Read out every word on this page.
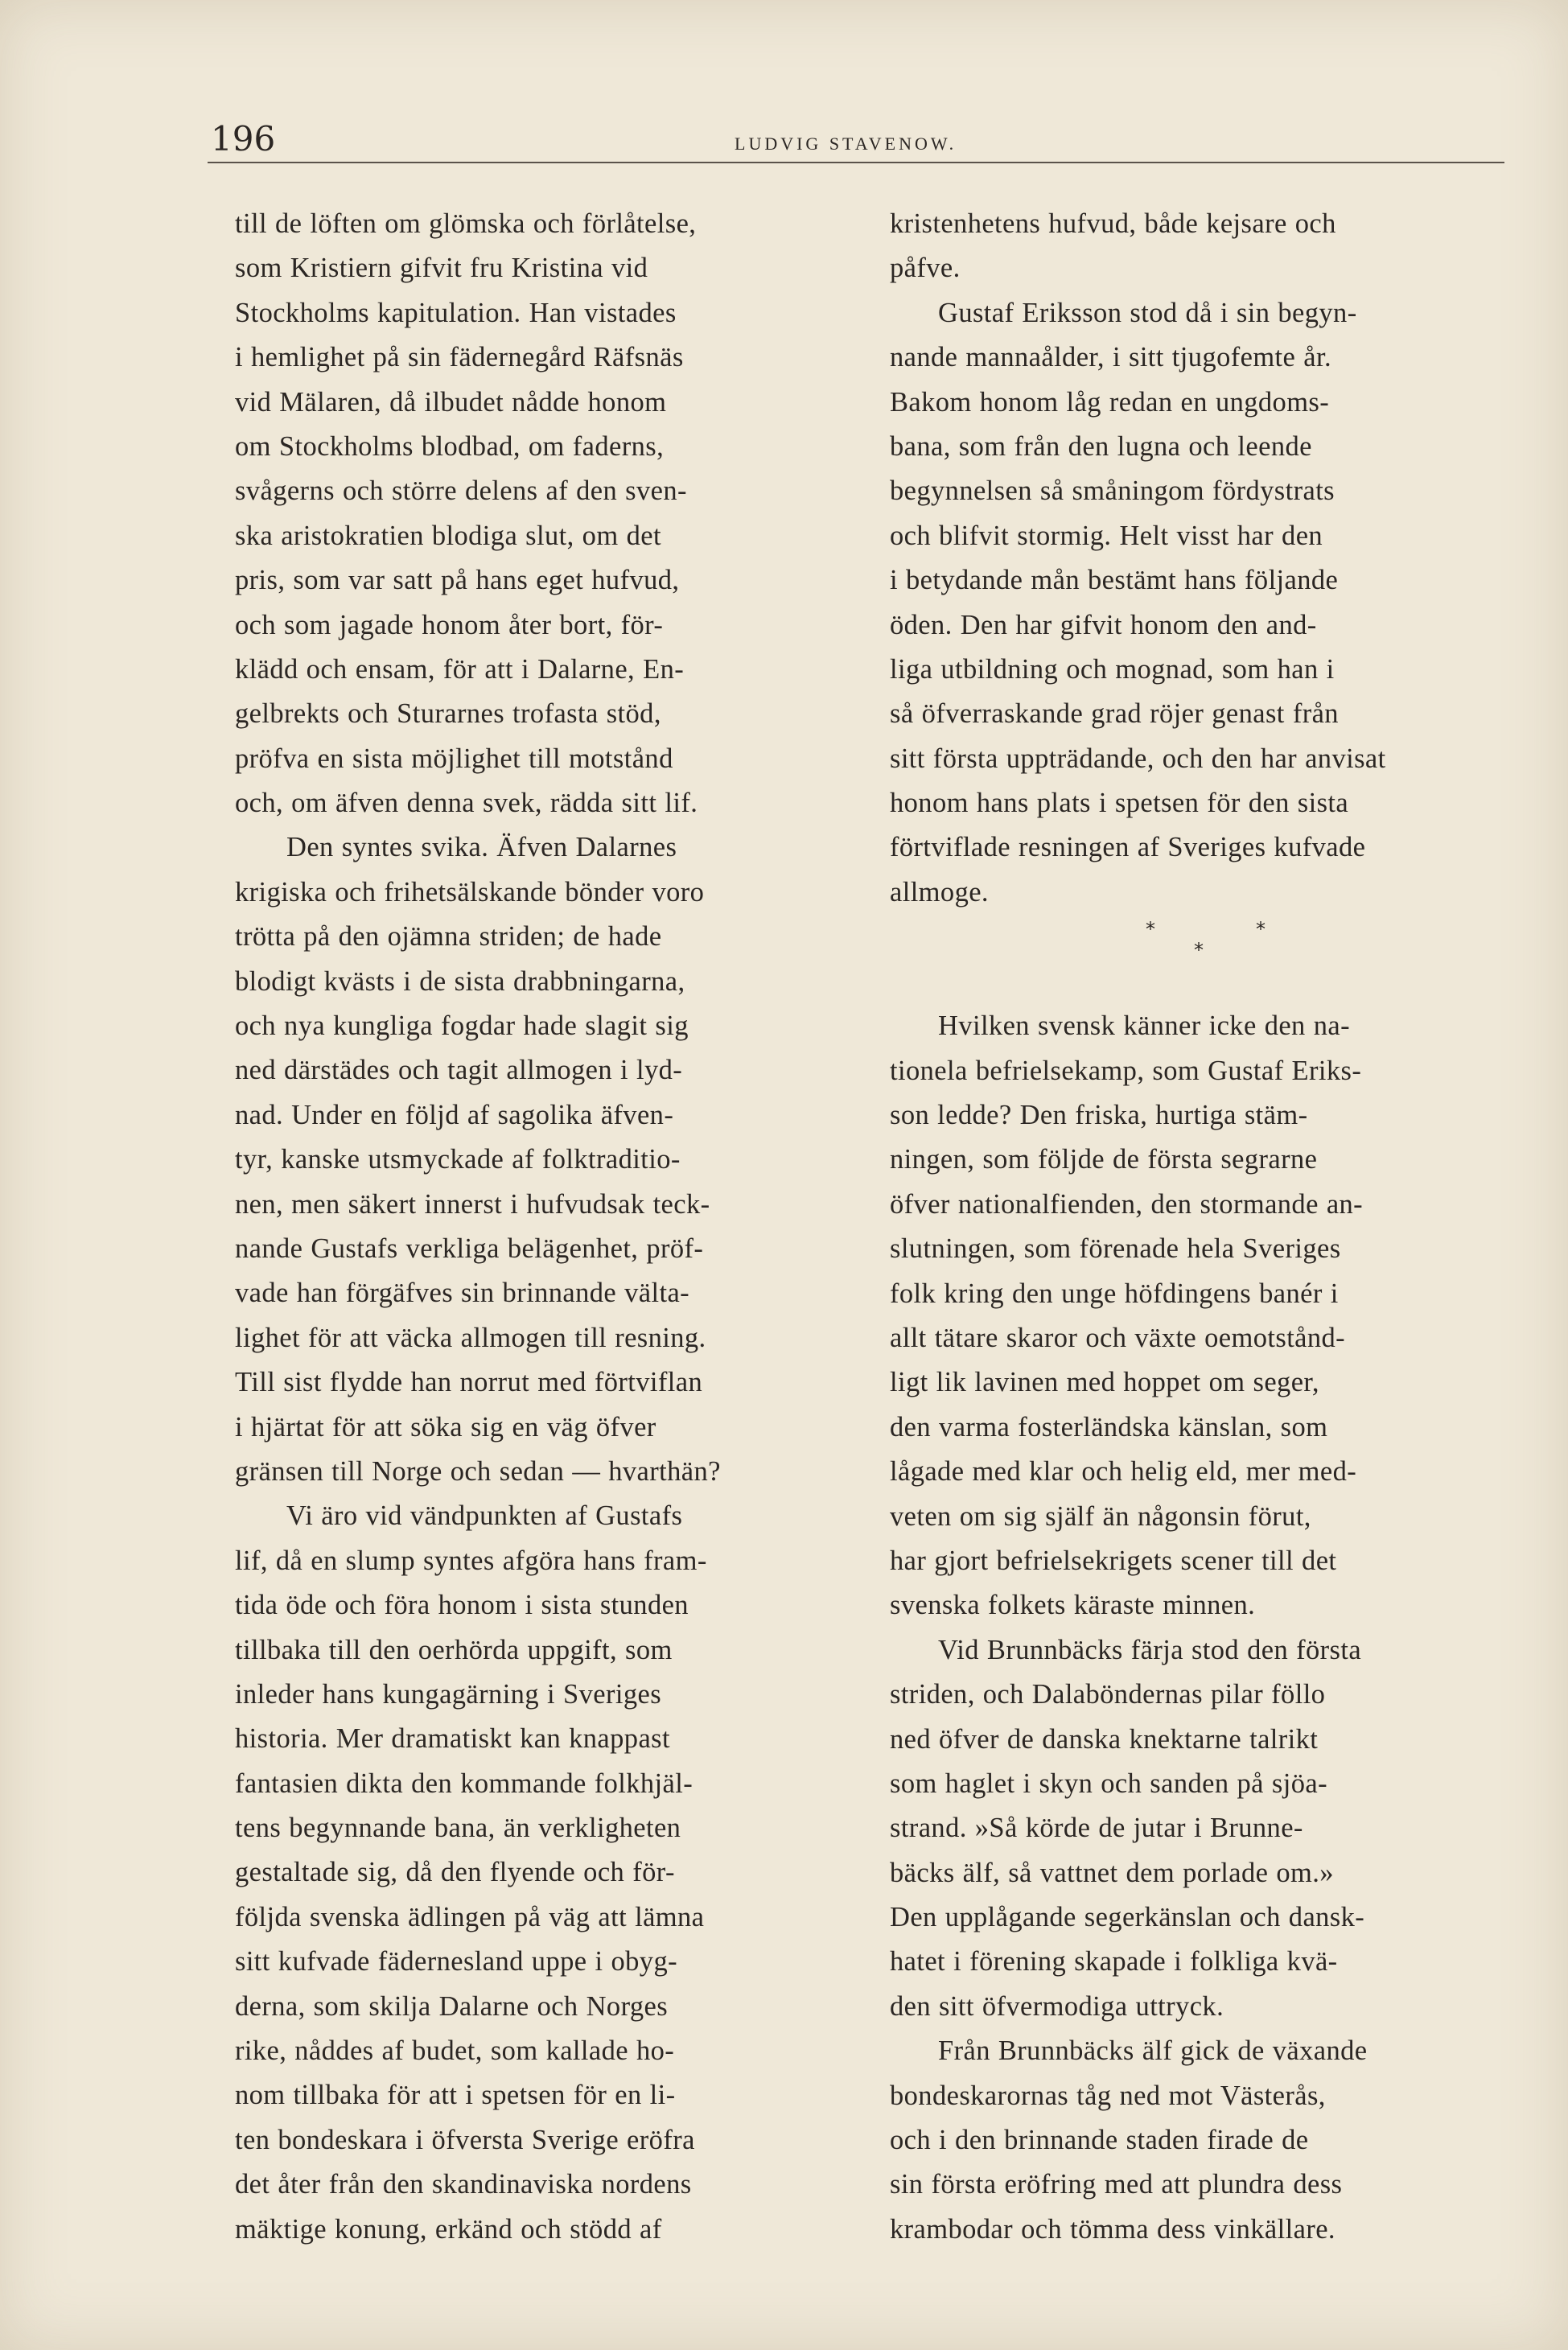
196	LUDVIG STAVENOW.
till de löften om glömska och förlåtelse,
som Kristiern gifvit fru Kristina vid
Stockholms kapitulation. Han vistades
i hemlighet på sin fädernegård Räfsnäs
vid Mälaren, då ilbudet nådde honom
om Stockholms blodbad, om faderns,
svågerns och större delens af den sven-
ska aristokratien blodiga slut, om det
pris, som var satt på hans eget hufvud,
och som jagade honom åter bort, för-
klädd och ensam, för att i Dalarne, En-
gelbrekts och Sturarnes trofasta stöd,
pröfva en sista möjlighet till motstånd
och, om äfven denna svek, rädda sitt lif.
Den syntes svika. Äfven Dalarnes
krigiska och frihetsälskande bönder voro
trötta på den ojämna striden; de hade
blodigt kvästs i de sista drabbningarna,
och nya kungliga fogdar hade slagit sig
ned därstädes och tagit allmogen i lyd-
nad. Under en följd af sagolika äfven-
tyr, kanske utsmyckade af folktraditio-
nen, men säkert innerst i hufvudsak teck-
nande Gustafs verkliga belägenhet, pröf-
vade han förgäfves sin brinnande välta-
lighet för att väcka allmogen till resning.
Till sist flydde han norrut med förtviflan
i hjärtat för att söka sig en väg öfver
gränsen till Norge och sedan — hvarthän?
Vi äro vid vändpunkten af Gustafs
lif, då en slump syntes afgöra hans fram-
tida öde och föra honom i sista stunden
tillbaka till den oerhörda uppgift, som
inleder hans kungagärning i Sveriges
historia. Mer dramatiskt kan knappast
fantasien dikta den kommande folkhjäl-
tens begynnande bana, än verkligheten
gestaltade sig, då den flyende och för-
följda svenska ädlingen på väg att lämna
sitt kufvade fädernesland uppe i obyg-
derna, som skilja Dalarne och Norges
rike, nåddes af budet, som kallade ho-
nom tillbaka för att i spetsen för en li-
ten bondeskara i öfversta Sverige eröfra
det åter från den skandinaviska nordens
mäktige konung, erkänd och stödd af
kristenhetens hufvud, både kejsare och
påfve.
Gustaf Eriksson stod då i sin begyn-
nande mannaålder, i sitt tjugofemte år.
Bakom honom låg redan en ungdoms-
bana, som från den lugna och leende
begynnelsen så småningom fördystrats
och blifvit stormig. Helt visst har den
i betydande mån bestämt hans följande
öden. Den har gifvit honom den and-
liga utbildning och mognad, som han i
så öfverraskande grad röjer genast från
sitt första uppträdande, och den har anvisat
honom hans plats i spetsen för den sista
förtviflade resningen af Sveriges kufvade
allmoge.
*
*
*
Hvilken svensk känner icke den na-
tionela befrielsekamp, som Gustaf Eriks-
son ledde? Den friska, hurtiga stäm-
ningen, som följde de första segrarne
öfver nationalfienden, den stormande an-
slutningen, som förenade hela Sveriges
folk kring den unge höfdingens banér i
allt tätare skaror och växte oemotstånd-
ligt lik lavinen med hoppet om seger,
den varma fosterländska känslan, som
lågade med klar och helig eld, mer med-
veten om sig själf än någonsin förut,
har gjort befrielsekrigets scener till det
svenska folkets käraste minnen.
Vid Brunnbäcks färja stod den första
striden, och Dalaböndernas pilar föllo
ned öfver de danska knektarne talrikt
som haglet i skyn och sanden på sjöa-
strand. »Så körde de jutar i Brunne-
bäcks älf, så vattnet dem porlade om.»
Den upplågande segerkänslan och dansk-
hatet i förening skapade i folkliga kvä-
den sitt öfvermodiga uttryck.
Från Brunnbäcks älf gick de växande
bondeskarornas tåg ned mot Västerås,
och i den brinnande staden firade de
sin första eröfring med att plundra dess
krambodar och tömma dess vinkällare.
